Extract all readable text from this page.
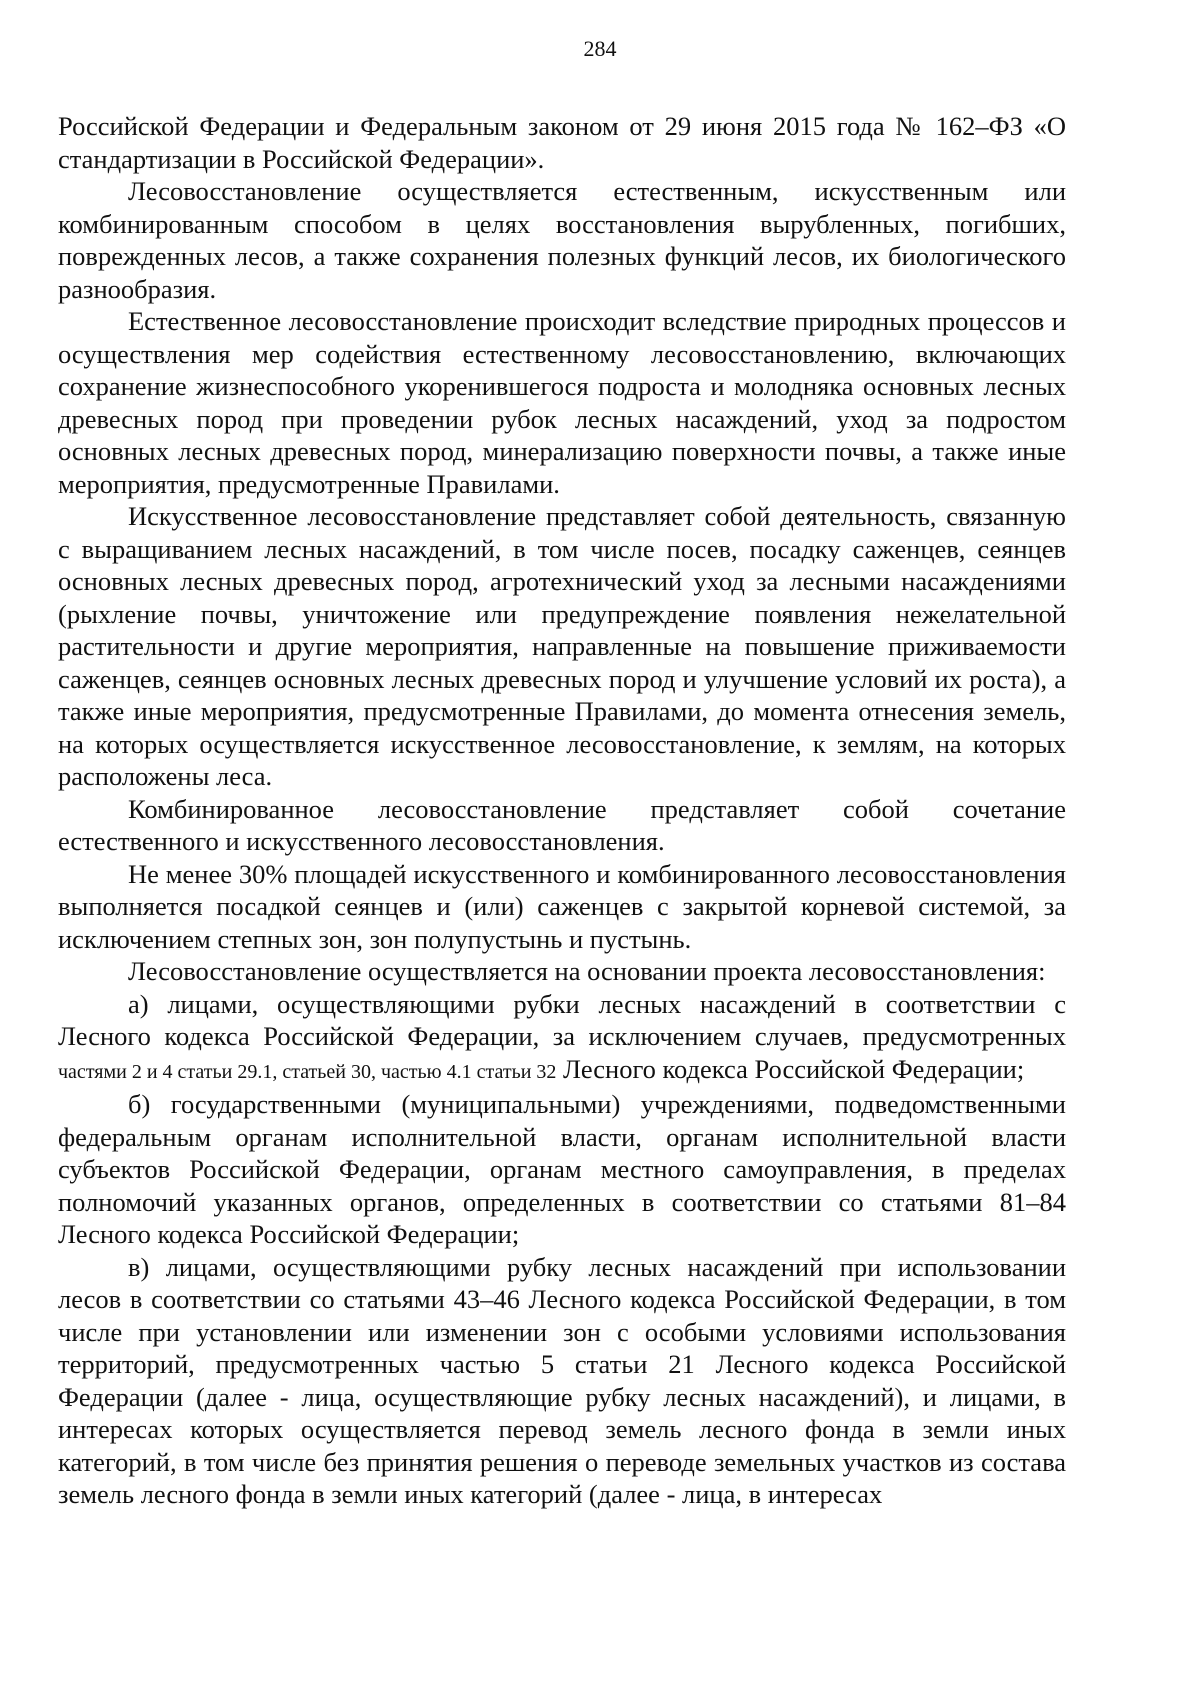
284

Российской Федерации и Федеральным законом от 29 июня 2015 года № 162–ФЗ «О стандартизации в Российской Федерации».

Лесовосстановление осуществляется естественным, искусственным или комбинированным способом в целях восстановления вырубленных, погибших, поврежденных лесов, а также сохранения полезных функций лесов, их биологического разнообразия.

Естественное лесовосстановление происходит вследствие природных процессов и осуществления мер содействия естественному лесовосстановлению, включающих сохранение жизнеспособного укоренившегося подроста и молодняка основных лесных древесных пород при проведении рубок лесных насаждений, уход за подростом основных лесных древесных пород, минерализацию поверхности почвы, а также иные мероприятия, предусмотренные Правилами.

Искусственное лесовосстановление представляет собой деятельность, связанную с выращиванием лесных насаждений, в том числе посев, посадку саженцев, сеянцев основных лесных древесных пород, агротехнический уход за лесными насаждениями (рыхление почвы, уничтожение или предупреждение появления нежелательной растительности и другие мероприятия, направленные на повышение приживаемости саженцев, сеянцев основных лесных древесных пород и улучшение условий их роста), а также иные мероприятия, предусмотренные Правилами, до момента отнесения земель, на которых осуществляется искусственное лесовосстановление, к землям, на которых расположены леса.

Комбинированное лесовосстановление представляет собой сочетание естественного и искусственного лесовосстановления.

Не менее 30% площадей искусственного и комбинированного лесовосстановления выполняется посадкой сеянцев и (или) саженцев с закрытой корневой системой, за исключением степных зон, зон полупустынь и пустынь.

Лесовосстановление осуществляется на основании проекта лесовосстановления:

а) лицами, осуществляющими рубки лесных насаждений в соответствии с Лесного кодекса Российской Федерации, за исключением случаев, предусмотренных частями 2 и 4 статьи 29.1, статьей 30, частью 4.1 статьи 32 Лесного кодекса Российской Федерации;

б) государственными (муниципальными) учреждениями, подведомственными федеральным органам исполнительной власти, органам исполнительной власти субъектов Российской Федерации, органам местного самоуправления, в пределах полномочий указанных органов, определенных в соответствии со статьями 81–84 Лесного кодекса Российской Федерации;

в) лицами, осуществляющими рубку лесных насаждений при использовании лесов в соответствии со статьями 43–46 Лесного кодекса Российской Федерации, в том числе при установлении или изменении зон с особыми условиями использования территорий, предусмотренных частью 5 статьи 21 Лесного кодекса Российской Федерации (далее - лица, осуществляющие рубку лесных насаждений), и лицами, в интересах которых осуществляется перевод земель лесного фонда в земли иных категорий, в том числе без принятия решения о переводе земельных участков из состава земель лесного фонда в земли иных категорий (далее - лица, в интересах
